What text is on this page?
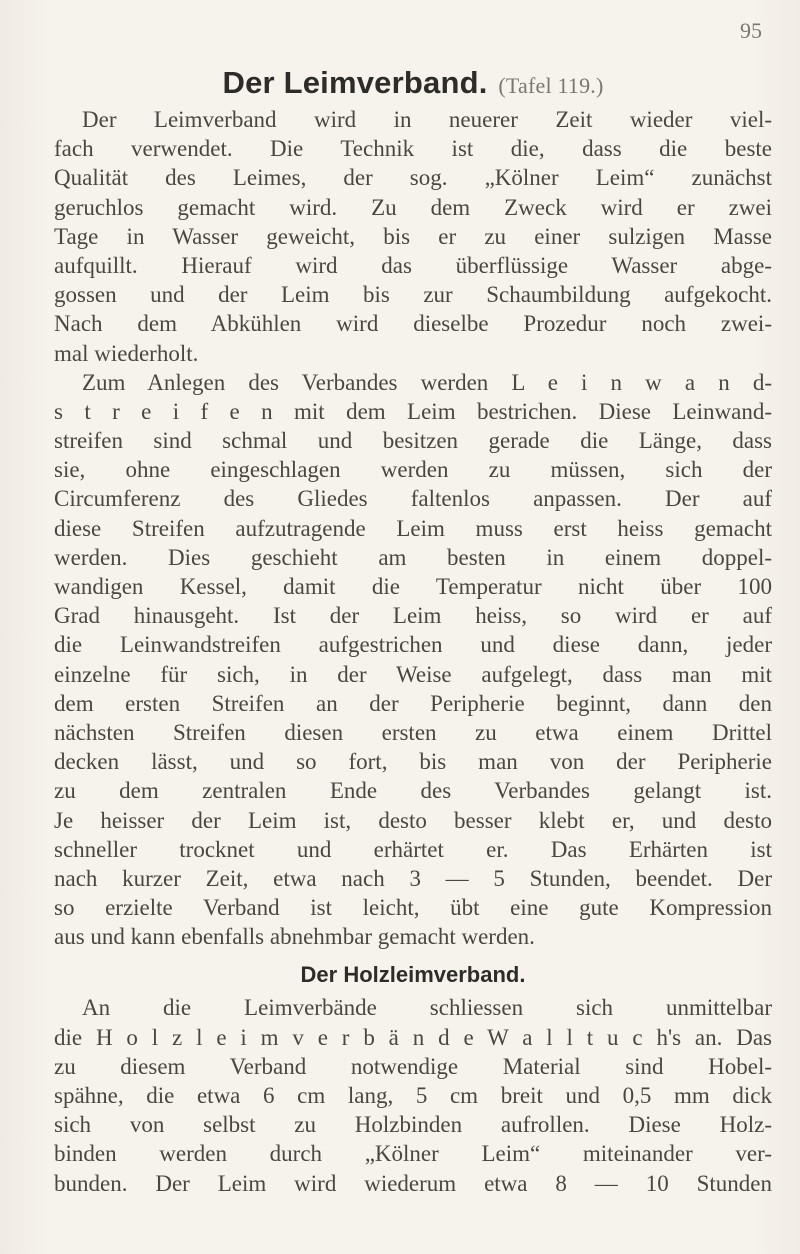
95
Der Leimverband. (Tafel 119.)
Der Leimverband wird in neuerer Zeit wieder viel-
fach verwendet. Die Technik ist die, dass die beste
Qualität des Leimes, der sog. „Kölner Leim“ zunächst
geruchlos gemacht wird. Zu dem Zweck wird er zwei
Tage in Wasser geweicht, bis er zu einer sulzigen Masse
aufquillt. Hierauf wird das überflüssige Wasser abge-
gossen und der Leim bis zur Schaumbildung aufgekocht.
Nach dem Abkühlen wird dieselbe Prozedur noch zwei-
mal wiederholt.
Zum Anlegen des Verbandes werden L e i n w a n d-
s t r e i f e n mit dem Leim bestrichen. Diese Leinwand-
streifen sind schmal und besitzen gerade die Länge, dass
sie, ohne eingeschlagen werden zu müssen, sich der
Circumferenz des Gliedes faltenlos anpassen. Der auf
diese Streifen aufzutragende Leim muss erst heiss gemacht
werden. Dies geschieht am besten in einem doppel-
wandigen Kessel, damit die Temperatur nicht über 100
Grad hinausgeht. Ist der Leim heiss, so wird er auf
die Leinwandstreifen aufgestrichen und diese dann, jeder
einzelne für sich, in der Weise aufgelegt, dass man mit
dem ersten Streifen an der Peripherie beginnt, dann den
nächsten Streifen diesen ersten zu etwa einem Drittel
decken lässt, und so fort, bis man von der Peripherie
zu dem zentralen Ende des Verbandes gelangt ist.
Je heisser der Leim ist, desto besser klebt er, und desto
schneller trocknet und erhärtet er. Das Erhärten ist
nach kurzer Zeit, etwa nach 3 — 5 Stunden, beendet. Der
so erzielte Verband ist leicht, übt eine gute Kompression
aus und kann ebenfalls abnehmbar gemacht werden.
Der Holzleimverband.
An die Leimverbände schliessen sich unmittelbar
die H o l z l e i m v e r b ä n d e W a l l t u c h's an. Das
zu diesem Verband notwendige Material sind Hobel-
spähne, die etwa 6 cm lang, 5 cm breit und 0,5 mm dick
sich von selbst zu Holzbinden aufrollen. Diese Holz-
binden werden durch „Kölner Leim“ miteinander ver-
bunden. Der Leim wird wiederum etwa 8 — 10 Stunden
